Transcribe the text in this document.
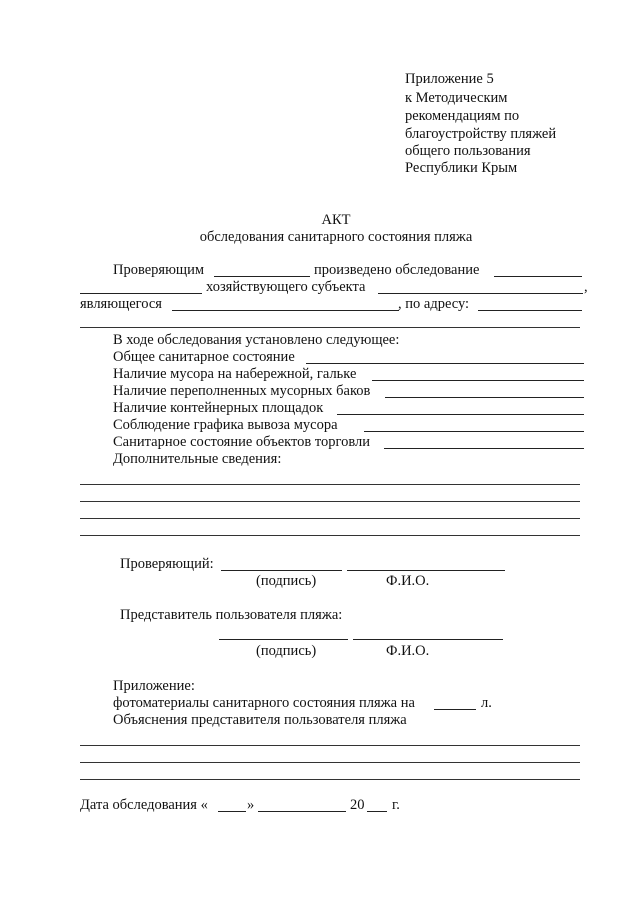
Приложение 5
к Методическим
рекомендациям по
благоустройству пляжей
общего пользования
Республики Крым
АКТ
обследования санитарного состояния пляжа
Проверяющим	произведено обследование
хозяйствующего субъекта	,
являющегося	, по адресу:
В ходе обследования установлено следующее:
Общее санитарное состояние
Наличие мусора на набережной, гальке
Наличие переполненных мусорных баков
Наличие контейнерных площадок
Соблюдение графика вывоза мусора
Санитарное состояние объектов торговли
Дополнительные сведения:
Проверяющий:
(подпись)	Ф.И.О.
Представитель пользователя пляжа:
(подпись)	Ф.И.О.
Приложение:
фотоматериалы санитарного состояния пляжа на	л.
Объяснения представителя пользователя пляжа
Дата обследования «	»	20 г.
